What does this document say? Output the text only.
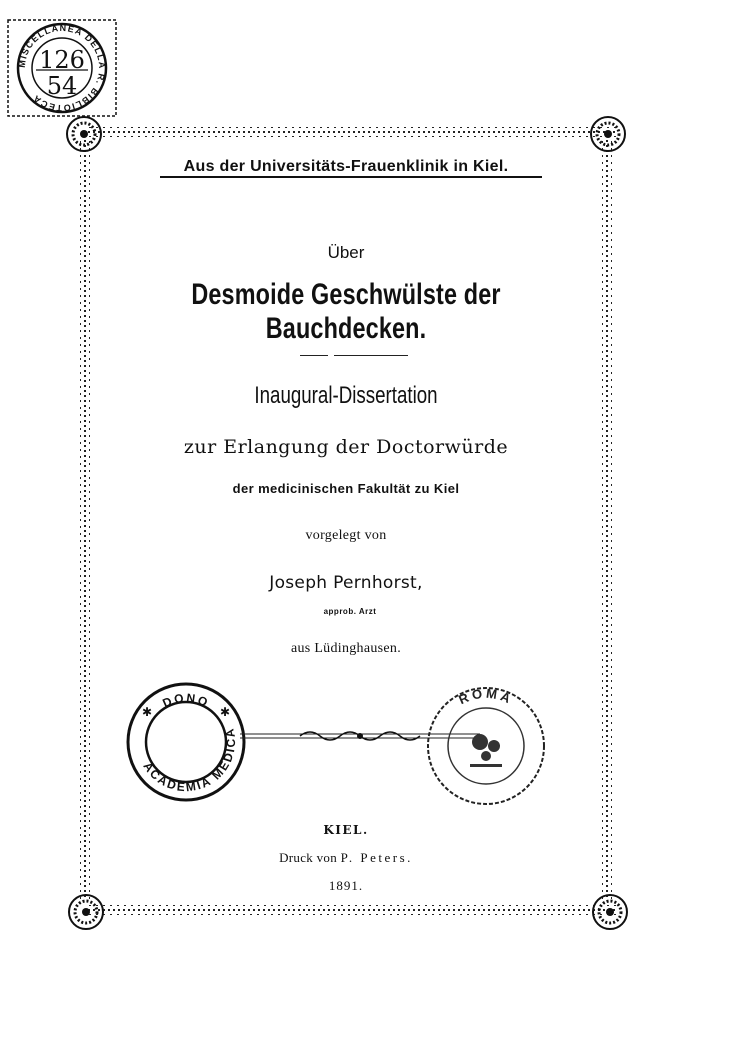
MISCELLANEA DELLA R. BIBLIOTECA
126
54
Aus der Universitäts-Frauenklinik in Kiel.
Über
Desmoide Geschwülste der Bauchdecken.
Inaugural-Dissertation
zur Erlangung der Doctorwürde
der medicinischen Fakultät zu Kiel
vorgelegt von
Joseph Pernhorst,
approb. Arzt
aus Lüdinghausen.
ACADEMIA MEDICA
DONO
✱	✱
ROMA
KIEL.
Druck von P. Peters.
1891.
